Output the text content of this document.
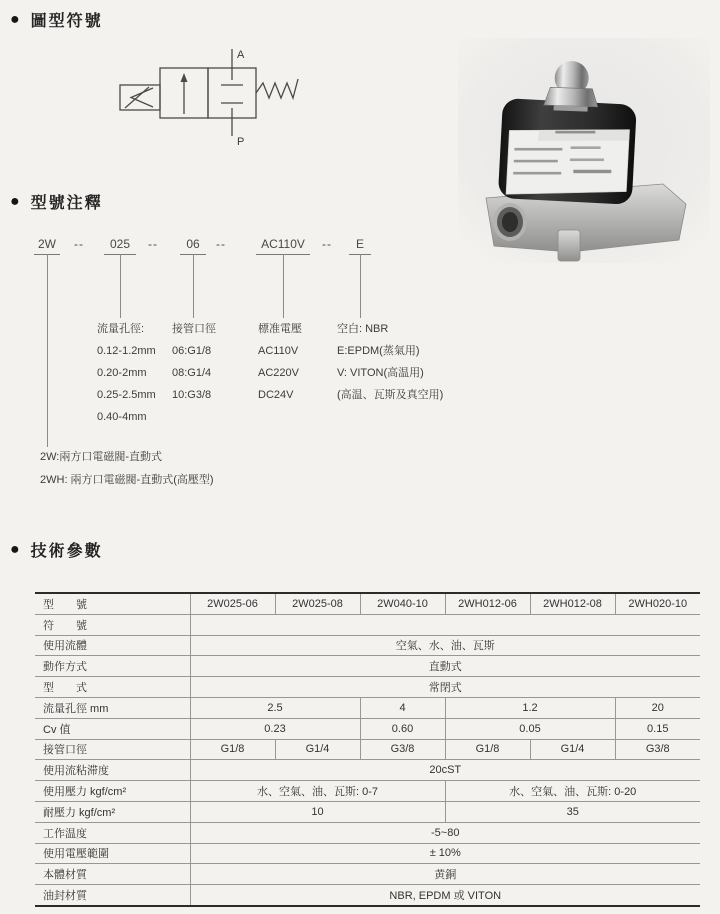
● 圖型符號
A
P
● 型號注釋
2W	--	025	--	06	--	AC110V	--	E
流量孔徑:
0.12-1.2mm
0.20-2mm
0.25-2.5mm
0.40-4mm
接管口徑
06:G1/8
08:G1/4
10:G3/8
標准電壓
AC110V
AC220V
DC24V
空白: NBR
E:EPDM(蒸氣用)
V: VITON(高温用)
(高温、瓦斯及真空用)
2W:兩方口電磁閥-直動式
2WH: 兩方口電磁閥-直動式(高壓型)
● 技術參數
型　　號	2W025-06	2W025-08	2W040-10	2WH012-06	2WH012-08	2WH020-10
符　　號						
使用流體	空氣、水、油、瓦斯					
動作方式	直動式					
型　　式	常閉式					
流量孔徑 mm	2.5		4	1.2		20
Cv 值	0.23		0.60	0.05		0.15
接管口徑	G1/8	G1/4	G3/8	G1/8	G1/4	G3/8
使用流粘滞度	20cST					
使用壓力 kgf/cm²	水、空氣、油、瓦斯: 0-7			水、空氣、油、瓦斯: 0-20		
耐壓力 kgf/cm²	10			35		
工作温度	-5~80					
使用電壓範圍	± 10%					
本體材質	黄銅					
油封材質	NBR, EPDM 或 VITON					
